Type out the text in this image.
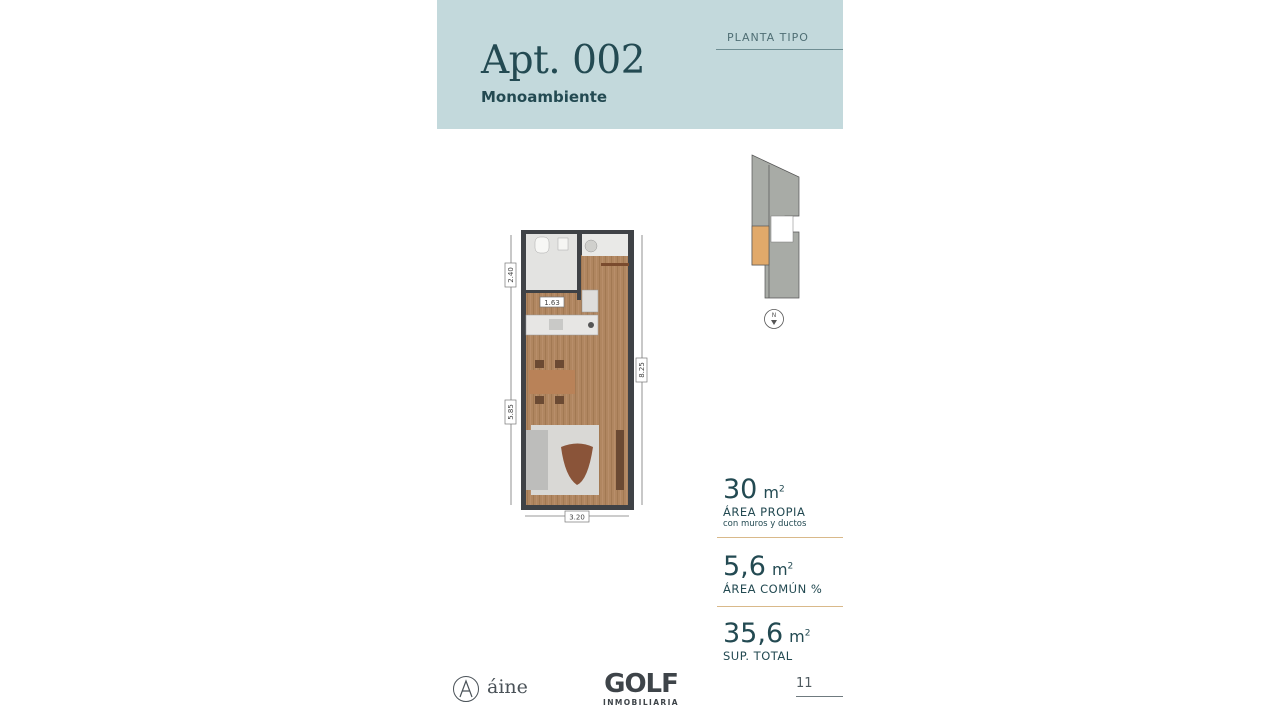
PLANTA TIPO
Apt. 002
Monoambiente
2.40
5.85
8.25
3.20
1.63
N
30 $m^2$
ÁREA PROPIA
con muros y ductos
5,6 $m^2$
ÁREA COMÚN %
35,6 $m^2$
SUP. TOTAL
áine	GOLF
INMOBILIARIA
11
